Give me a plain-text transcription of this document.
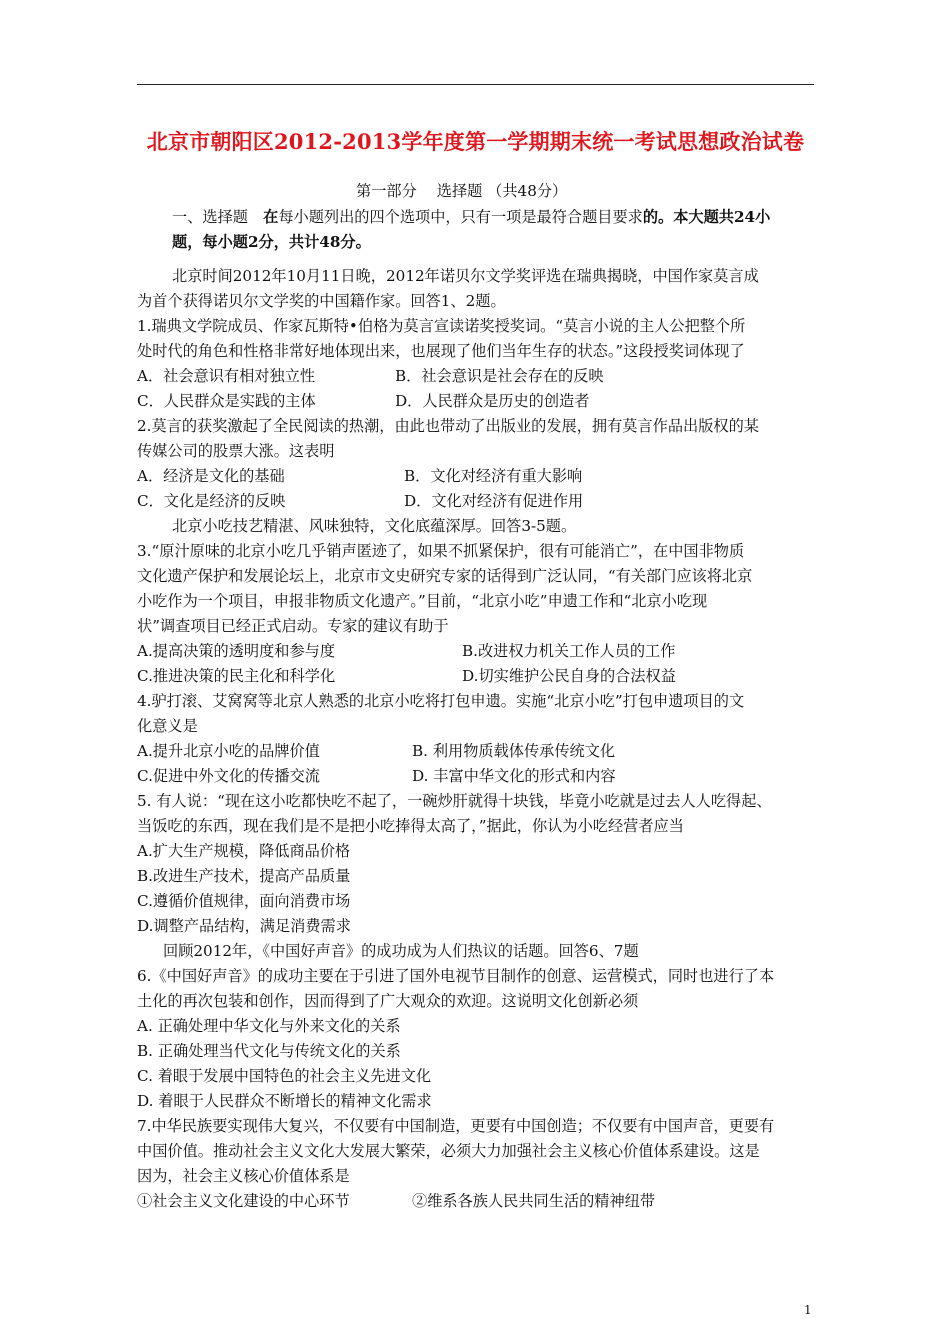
北京市朝阳区2012-2013学年度第一学期期末统一考试思想政治试卷
第一部分　 选择题 （共48分）
一、选择题　在每小题列出的四个选项中，只有一项是最符合题目要求的。本大题共24小
题，每小题2分，共计48分。
北京时间2012年10月11日晚，2012年诺贝尔文学奖评选在瑞典揭晓，中国作家莫言成
为首个获得诺贝尔文学奖的中国籍作家。回答1、2题。
1.瑞典文学院成员、作家瓦斯特•伯格为莫言宣读诺奖授奖词。“莫言小说的主人公把整个所
处时代的角色和性格非常好地体现出来，也展现了他们当年生存的状态。”这段授奖词体现了
A．社会意识有相对独立性	B．社会意识是社会存在的反映
C．人民群众是实践的主体	D．人民群众是历史的创造者
2.莫言的获奖激起了全民阅读的热潮，由此也带动了出版业的发展，拥有莫言作品出版权的某
传媒公司的股票大涨。这表明
A．经济是文化的基础	B．文化对经济有重大影响
C．文化是经济的反映	D．文化对经济有促进作用
北京小吃技艺精湛、风味独特，文化底蕴深厚。回答3-5题。
3.“原汁原味的北京小吃几乎销声匿迹了，如果不抓紧保护，很有可能消亡”，在中国非物质
文化遗产保护和发展论坛上，北京市文史研究专家的话得到广泛认同，“有关部门应该将北京
小吃作为一个项目，申报非物质文化遗产。”目前，“北京小吃”申遗工作和“北京小吃现
状”调查项目已经正式启动。专家的建议有助于
A.提高决策的透明度和参与度	B.改进权力机关工作人员的工作
C.推进决策的民主化和科学化	D.切实维护公民自身的合法权益
4.驴打滚、艾窝窝等北京人熟悉的北京小吃将打包申遗。实施“北京小吃”打包申遗项目的文
化意义是
A.提升北京小吃的品牌价值	B. 利用物质载体传承传统文化
C.促进中外文化的传播交流	D. 丰富中华文化的形式和内容
5. 有人说：“现在这小吃都快吃不起了，一碗炒肝就得十块钱，毕竟小吃就是过去人人吃得起、
当饭吃的东西，现在我们是不是把小吃捧得太高了，”据此，你认为小吃经营者应当
A.扩大生产规模，降低商品价格
B.改进生产技术，提高产品质量
C.遵循价值规律，面向消费市场
D.调整产品结构，满足消费需求
回顾2012年，《中国好声音》的成功成为人们热议的话题。回答6、7题
6.《中国好声音》的成功主要在于引进了国外电视节目制作的创意、运营模式，同时也进行了本
土化的再次包装和创作，因而得到了广大观众的欢迎。这说明文化创新必须
A. 正确处理中华文化与外来文化的关系
B. 正确处理当代文化与传统文化的关系
C. 着眼于发展中国特色的社会主义先进文化
D. 着眼于人民群众不断增长的精神文化需求
7.中华民族要实现伟大复兴，不仅要有中国制造，更要有中国创造；不仅要有中国声音，更要有
中国价值。推动社会主义文化大发展大繁荣，必须大力加强社会主义核心价值体系建设。这是
因为，社会主义核心价值体系是
①社会主义文化建设的中心环节	②维系各族人民共同生活的精神纽带
1
